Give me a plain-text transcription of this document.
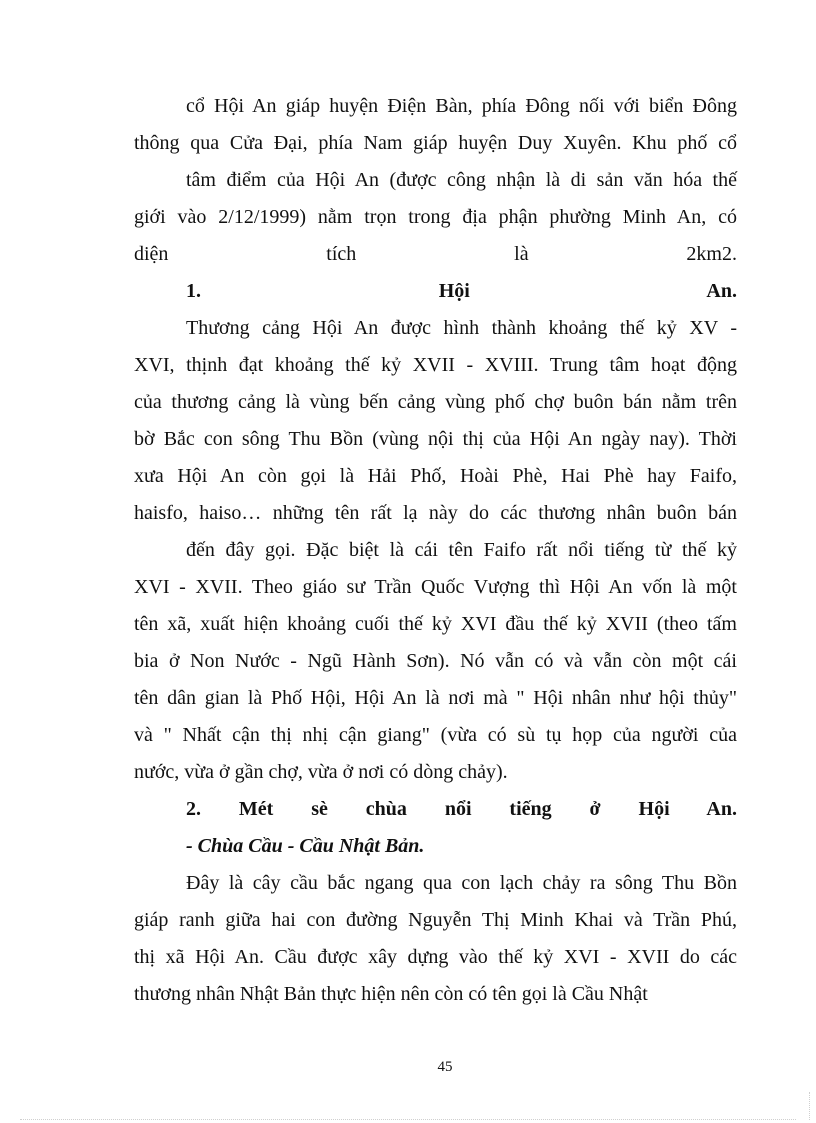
cổ Hội An giáp huyện Điện Bàn, phía Đông nối với biển Đông
thông qua Cửa Đại, phía Nam giáp huyện Duy Xuyên. Khu phố cổ
tâm điểm của Hội An (được công nhận là di sản văn hóa thế
giới vào 2/12/1999) nằm trọn trong địa phận phường Minh An, có
diện tích là 2km2.
1. Hội An.
Thương cảng Hội An được hình thành khoảng thế kỷ XV -
XVI, thịnh đạt khoảng thế kỷ XVII - XVIII. Trung tâm hoạt động
của thương cảng là vùng bến cảng vùng phố chợ buôn bán nằm trên
bờ Bắc con sông Thu Bồn (vùng nội thị của Hội An ngày nay). Thời
xưa Hội An còn gọi là Hải Phố, Hoài Phè, Hai Phè hay Faifo,
haisfo, haiso… những tên rất lạ này do các thương nhân buôn bán
đến đây gọi. Đặc biệt là cái tên Faifo rất nổi tiếng từ thế kỷ
XVI - XVII. Theo giáo sư Trần Quốc Vượng thì Hội An vốn là một
tên xã, xuất hiện khoảng cuối thế kỷ XVI đầu thế kỷ XVII (theo tấm
bia ở Non Nước - Ngũ Hành Sơn). Nó vẫn có và vẫn còn một cái
tên dân gian là Phố Hội, Hội An là nơi mà " Hội nhân như hội thủy"
và " Nhất cận thị nhị cận giang" (vừa có sù tụ họp của người của
nước, vừa ở gần chợ, vừa ở nơi có dòng chảy).
2. Mét sè chùa nổi tiếng ở Hội An.
- Chùa Cầu - Cầu Nhật Bản.
Đây là cây cầu bắc ngang qua con lạch chảy ra sông Thu Bồn
giáp ranh giữa hai con đường Nguyễn Thị Minh Khai và Trần Phú,
thị xã Hội An. Cầu được xây dựng vào thế kỷ XVI - XVII do các
thương nhân Nhật Bản thực hiện nên còn có tên gọi là Cầu Nhật
45
